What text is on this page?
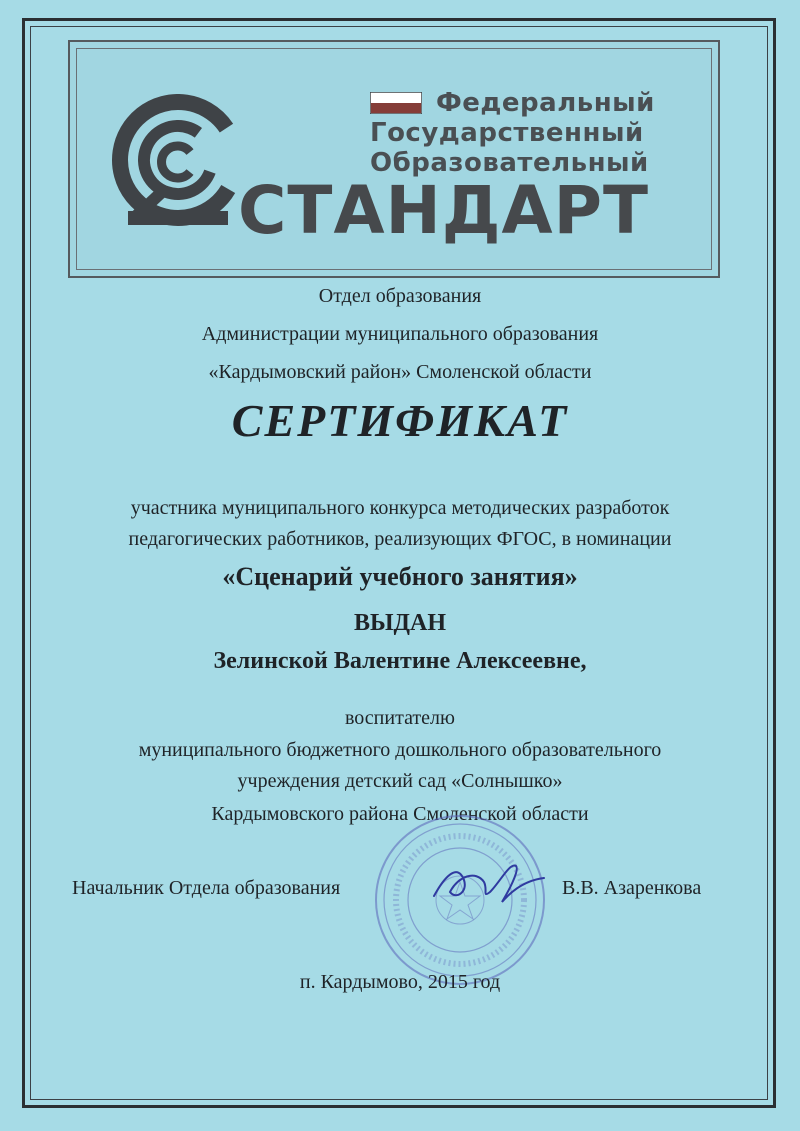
Федеральный
Государственный
Образовательный
СТАНДАРТ
Отдел образования
Администрации муниципального образования
«Кардымовский район» Смоленской области
СЕРТИФИКАТ
участника муниципального конкурса методических разработок
педагогических работников, реализующих ФГОС, в номинации
«Сценарий учебного занятия»
ВЫДАН
Зелинской Валентине Алексеевне,
воспитателю
муниципального бюджетного дошкольного образовательного
учреждения детский сад «Солнышко»
Кардымовского района Смоленской области
Начальник Отдела образования	В.В. Азаренкова
п. Кардымово, 2015 год
